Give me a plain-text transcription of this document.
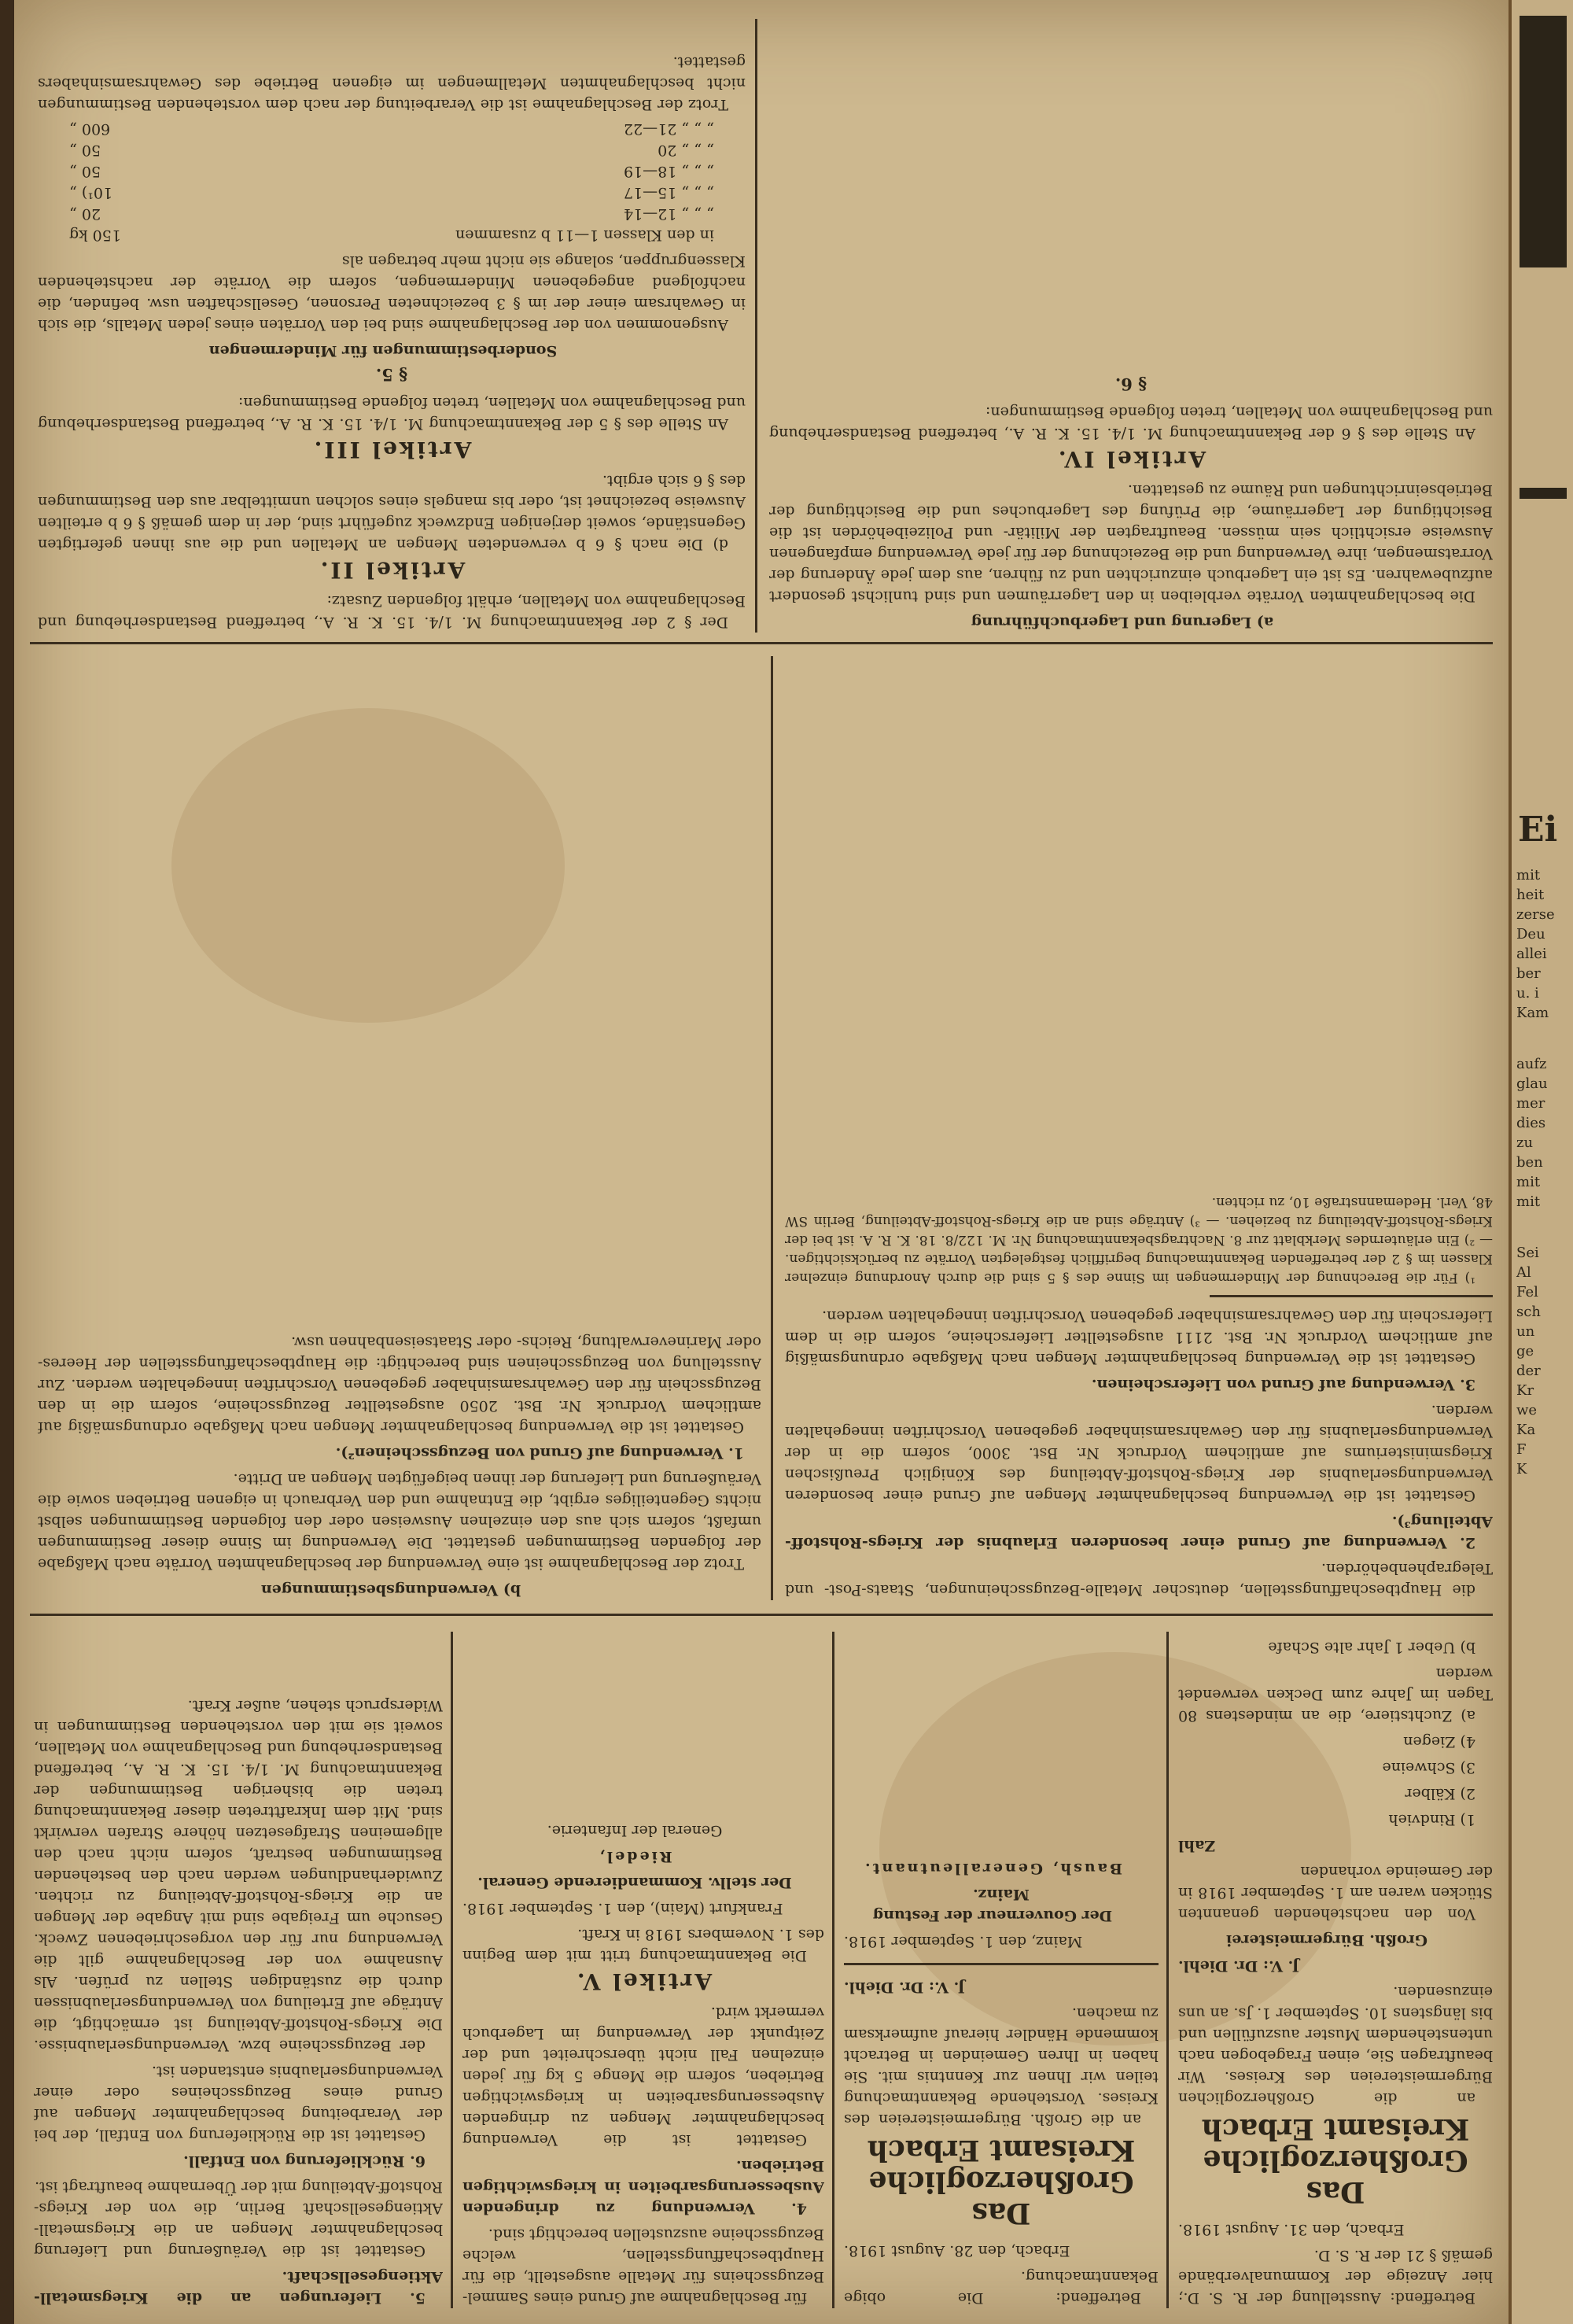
Betreffend: Ausstellung der R. S. D.; hier Anzeige der Kommunalverbände gemäß § 21 der R. S. D.

Erbach, den 31. August 1918.

Das Großherzogliche Kreisamt Erbach

an die Großherzoglichen Bürgermeistereien des Kreises. Wir beauftragen Sie, einen Fragebogen nach untenstehendem Muster auszufüllen und bis längstens 10. September 1. Js. an uns einzusenden.

J. V.: Dr. Diehl.

Großh. Bürgermeisterei

Von den nachstehenden genannten Stücken waren am 1. September 1918 in der Gemeinde vorhanden

Zahl

1) Rindvieh

2) Kälber

3) Schweine

4) Ziegen

a) Zuchtstiere, die an mindestens 80 Tagen im Jahre zum Decken verwendet werden

b) Ueber 1 Jahr alte Schafe

Betreffend: Die obige Bekanntmachung.

Erbach, den 28. August 1918.

Das Großherzogliche Kreisamt Erbach

an die Großh. Bürgermeistereien des Kreises. Vorstehende Bekanntmachung teilen wir Ihnen zur Kenntnis mit. Sie haben in Ihren Gemeinden in Betracht kommende Händler hierauf aufmerksam zu machen.

J. V.: Dr. Diehl.

Mainz, den 1. September 1918.

Der Gouverneur der Festung Mainz.

Baush, Generalleutnant.

für Beschlagnahme auf Grund eines Sammel-Bezugsscheins für Metalle ausgestellt, die für Hauptbeschaffungsstellen, welche Bezugsscheine auszustellen berechtigt sind.

4. Verwendung zu dringenden Ausbesserungsarbeiten in kriegswichtigen Betrieben.

Gestattet ist die Verwendung beschlagnahmter Mengen zu dringenden Ausbesserungsarbeiten in kriegswichtigen Betrieben, sofern die Menge 5 kg für jeden einzelnen Fall nicht überschreitet und der Zeitpunkt der Verwendung im Lagerbuch vermerkt wird.

Artikel V.

Die Bekanntmachung tritt mit dem Beginn des 1. Novembers 1918 in Kraft.

Frankfurt (Main), den 1. September 1918.

Der stellv. Kommandierende General.

Riedel,

General der Infanterie.

5. Lieferungen an die Kriegsmetall-Aktiengesellschaft.

Gestattet ist die Veräußerung und Lieferung beschlagnahmter Mengen an die Kriegsmetall-Aktiengesellschaft Berlin, die von der Kriegs-Rohstoff-Abteilung mit der Übernahme beauftragt ist.

6. Rücklieferung von Entfall.

Gestattet ist die Rücklieferung von Entfall, der bei der Verarbeitung beschlagnahmter Mengen auf Grund eines Bezugsscheines oder einer Verwendungserlaubnis entstanden ist.

der Bezugsscheine bzw. Verwendungserlaubnisse. Die Kriegs-Rohstoff-Abteilung ist ermächtigt, die Anträge auf Erteilung von Verwendungserlaubnissen durch die zuständigen Stellen zu prüfen. Als Ausnahme von der Beschlagnahme gilt die Verwendung nur für den vorgeschriebenen Zweck. Gesuche um Freigabe sind mit Angabe der Mengen an die Kriegs-Rohstoff-Abteilung zu richten. Zuwiderhandlungen werden nach den bestehenden Bestimmungen bestraft, sofern nicht nach den allgemeinen Strafgesetzen höhere Strafen verwirkt sind. Mit dem Inkrafttreten dieser Bekanntmachung treten die bisherigen Bestimmungen der Bekanntmachung M. 1/4. 15. K. R. A., betreffend Bestandserhebung und Beschlagnahme von Metallen, soweit sie mit den vorstehenden Bestimmungen in Widerspruch stehen, außer Kraft.

die Hauptbeschaffungsstellen, deutscher Metalle-Bezugsscheinungen, Staats-Post- und Telegraphenbehörden.

2. Verwendung auf Grund einer besonderen Erlaubnis der Kriegs-Rohstoff-Abteilung³).

Gestattet ist die Verwendung beschlagnahmter Mengen auf Grund einer besonderen Verwendungserlaubnis der Kriegs-Rohstoff-Abteilung des Königlich Preußischen Kriegsministeriums auf amtlichem Vordruck Nr. Bst. 3000, sofern die in der Verwendungserlaubnis für den Gewahrsamsinhaber gegebenen Vorschriften innegehalten werden.

3. Verwendung auf Grund von Lieferscheinen.

Gestattet ist die Verwendung beschlagnahmter Mengen nach Maßgabe ordnungsmäßig auf amtlichem Vordruck Nr. Bst. 2111 ausgestellter Lieferscheine, sofern die in dem Lieferschein für den Gewahrsamsinhaber gegebenen Vorschriften innegehalten werden.

¹) Für die Berechnung der Mindermengen im Sinne des § 5 sind die durch Anordnung einzelner Klassen im § 2 der betreffenden Bekanntmachung begrifflich festgelegten Vorräte zu berücksichtigen. — ²) Ein erläuterndes Merkblatt zur 8. Nachtragsbekanntmachung Nr. M. 122/8. 18. K. R. A. ist bei der Kriegs-Rohstoff-Abteilung zu beziehen. — ³) Anträge sind an die Kriegs-Rohstoff-Abteilung, Berlin SW 48, Verl. Hedemannstraße 10, zu richten.

b) Verwendungsbestimmungen

Trotz der Beschlagnahme ist eine Verwendung der beschlagnahmten Vorräte nach Maßgabe der folgenden Bestimmungen gestattet. Die Verwendung im Sinne dieser Bestimmungen umfaßt, sofern sich aus den einzelnen Ausweisen oder den folgenden Bestimmungen selbst nichts Gegenteiliges ergibt, die Entnahme und den Verbrauch in eigenen Betrieben sowie die Veräußerung und Lieferung der ihnen beigefügten Mengen an Dritte.

1. Verwendung auf Grund von Bezugsscheinen²).

Gestattet ist die Verwendung beschlagnahmter Mengen nach Maßgabe ordnungsmäßig auf amtlichem Vordruck Nr. Bst. 2050 ausgestellter Bezugsscheine, sofern die in den Bezugsschein für den Gewahrsamsinhaber gegebenen Vorschriften innegehalten werden. Zur Ausstellung von Bezugsscheinen sind berechtigt: die Hauptbeschaffungsstellen der Heeres- oder Marineverwaltung, Reichs- oder Staatseisenbahnen usw.

a) Lagerung und Lagerbuchführung

Die beschlagnahmten Vorräte verbleiben in den Lagerräumen und sind tunlichst gesondert aufzubewahren. Es ist ein Lagerbuch einzurichten und zu führen, aus dem jede Änderung der Vorratsmengen, ihre Verwendung und die Bezeichnung der für jede Verwendung empfangenen Ausweise ersichtlich sein müssen. Beauftragten der Militär- und Polizeibehörden ist die Besichtigung der Lagerräume, die Prüfung des Lagerbuches und die Besichtigung der Betriebseinrichtungen und Räume zu gestatten.

Artikel IV.

An Stelle des § 6 der Bekanntmachung M. 1/4. 15. K. R. A., betreffend Bestandserhebung und Beschlagnahme von Metallen, treten folgende Bestimmungen:

§ 6.

Der § 2 der Bekanntmachung M. 1/4. 15. K. R. A., betreffend Bestandserhebung und Beschlagnahme von Metallen, erhält folgenden Zusatz:

Artikel II.

d) Die nach § 6 b verwendeten Mengen an Metallen und die aus ihnen gefertigten Gegenstände, soweit derjenigen Endzweck zugeführt sind, der in dem gemäß § 6 b erteilten Ausweise bezeichnet ist, oder bis mangels eines solchen unmittelbar aus den Bestimmungen des § 6 sich ergibt.

Artikel III.

An Stelle des § 5 der Bekanntmachung M. 1/4. 15. K. R. A., betreffend Bestandserhebung und Beschlagnahme von Metallen, treten folgende Bestimmungen:

§ 5.

Sonderbestimmungen für Mindermengen

Ausgenommen von der Beschlagnahme sind bei den Vorräten eines jeden Metalls, die sich in Gewahrsam einer der im § 3 bezeichneten Personen, Gesellschaften usw. befinden, die nachfolgend angegebenen Mindermengen, sofern die Vorräte der nachstehenden Klassengruppen, solange sie nicht mehr betragen als

in den Klassen 1—11 b zusammen
150 kg
„ „ „ 12—14
20 „
„ „ „ 15—17
10¹) „
„ „ „ 18—19
50 „
„ „ „ 20
50 „
„ „ „ 21—22
600 „

Trotz der Beschlagnahme ist die Verarbeitung der nach dem vorstehenden Bestimmungen nicht beschlagnahmten Metallmengen im eigenen Betriebe des Gewahrsamsinhabers gestattet.

Ei
mit
heit
zerse
Deu
allei
ber
u. i
Kam
aufz
glau
mer
dies
zu
ben
mit
mit
Sei
Al
Fel
sch
un
ge
der
Kr
we
Ka
F
K
